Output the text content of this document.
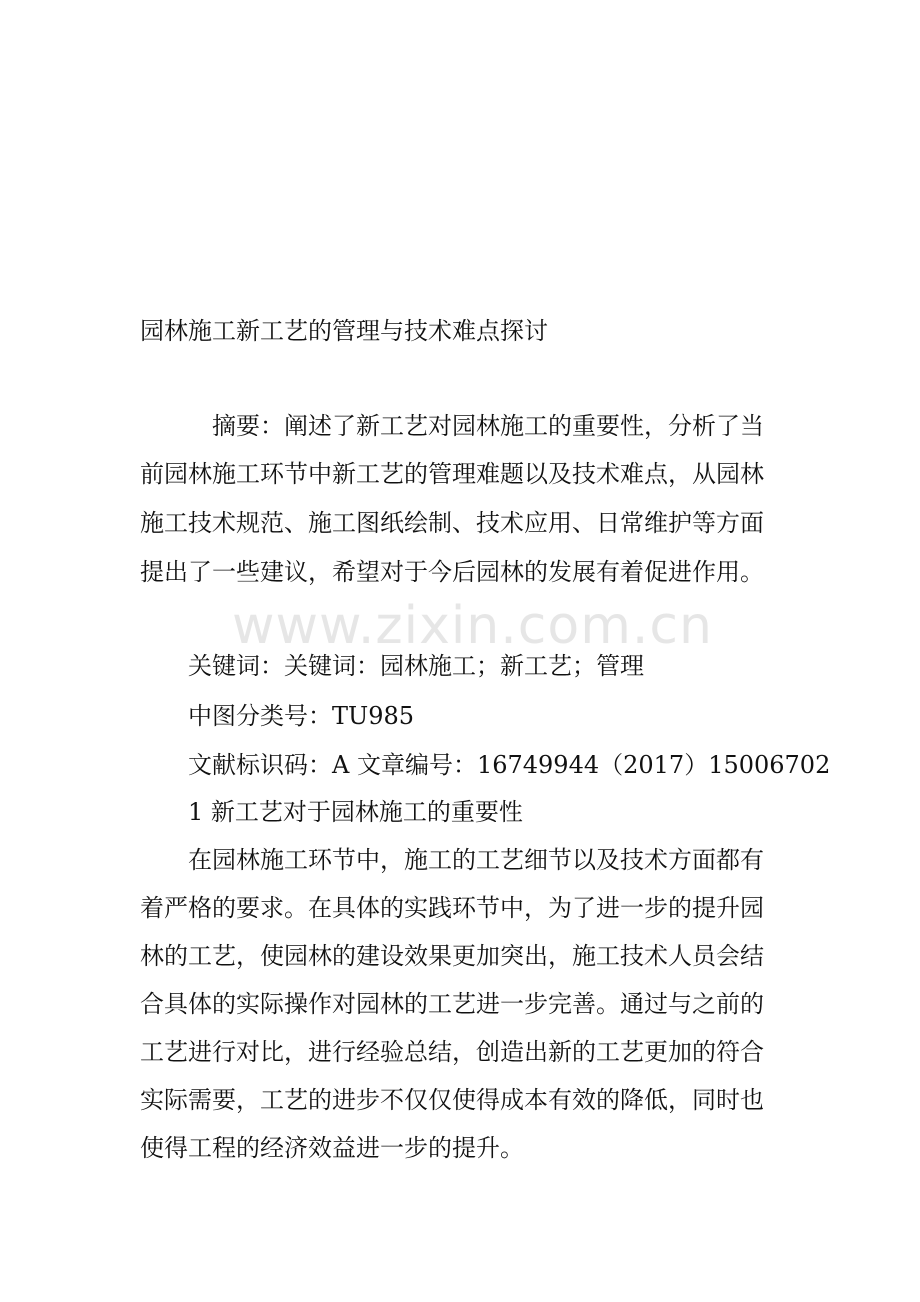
www.zixin.com.cn
园林施工新工艺的管理与技术难点探讨
摘要：阐述了新工艺对园林施工的重要性，分析了当
前园林施工环节中新工艺的管理难题以及技术难点，从园林
施工技术规范、施工图纸绘制、技术应用、日常维护等方面
提出了一些建议，希望对于今后园林的发展有着促进作用。
关键词：关键词：园林施工；新工艺；管理
中图分类号：TU985
文献标识码：A 文章编号：16749944（2017）15006702
1 新工艺对于园林施工的重要性
在园林施工环节中，施工的工艺细节以及技术方面都有
着严格的要求。在具体的实践环节中，为了进一步的提升园
林的工艺，使园林的建设效果更加突出，施工技术人员会结
合具体的实际操作对园林的工艺进一步完善。通过与之前的
工艺进行对比，进行经验总结，创造出新的工艺更加的符合
实际需要，工艺的进步不仅仅使得成本有效的降低，同时也
使得工程的经济效益进一步的提升。
